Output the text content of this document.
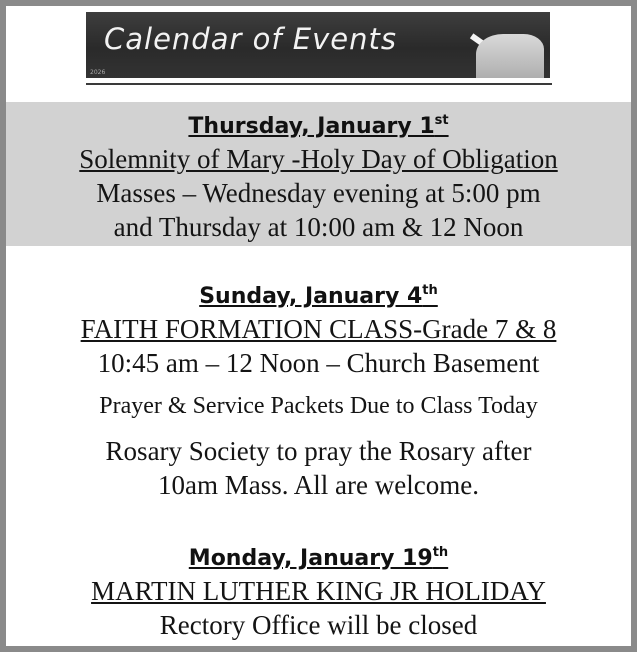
Calendar of Events
2026
Thursday, January 1st
Solemnity of Mary -Holy Day of Obligation
Masses – Wednesday evening at 5:00 pm
and Thursday at 10:00 am & 12 Noon
Sunday, January 4th
FAITH FORMATION CLASS-Grade 7 & 8
10:45 am – 12 Noon – Church Basement
Prayer & Service Packets Due to Class Today
Rosary Society to pray the Rosary after
10am Mass. All are welcome.
Monday, January 19th
MARTIN LUTHER KING JR HOLIDAY
Rectory Office will be closed
